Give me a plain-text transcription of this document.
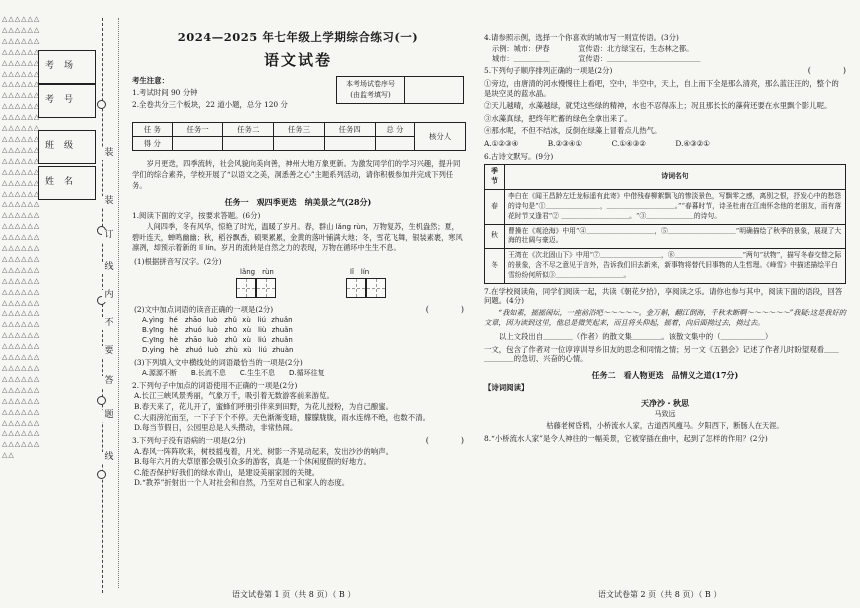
△△△△△△△△△△△△△△△△△△△△△△△△△△△△△△△△△△△△△△△△△△△△△△△△△△△△△△△△△△△△△△△△△△△△△△△△△△△△△△△△△△△△△△△△△△△△△△△△△△△△△△△△△△△△△△△△△△△△△△△△△△△△△△△△△△△△△△△△△△△△△△△△△△△△△△△△△△△△△△△△△△△△△△△△△△△△△△△△△△△△△△△△△△△△△△△△△△△△△△△△△△△△△△△△△△△△△△△△△△△△△△△△△△△△△△△△△△△△△△△△△△
考场
考号
班级
姓名
装
装
订
线
内
不
要
答
题
线
2024—2025 年七年级上学期综合练习(一)
语文试卷

考生注意：

1.考试时间 90 分钟

2.全卷共分三个板块，22 道小题，总分 120 分

本考场试卷序号
(由监考填写)
任 务	任务一	任务二	任务三	任务四	总 分	核分人
得 分						
岁月更迭，四季流转，社会风貌向美向善，神州大地万象更新。为激发同学们的学习兴趣，提升同学们的综合素养，学校开展了“以语文之美，洞悉善之心”主题系列活动，请你积极参加并完成下列任务。
任务一　观四季更迭　纳美景之气(28分)
1.阅读下面的文字，按要求答题。(6分)
人间四季，冬有风华，惊艳了时光，温暖了岁月。春，群山 lǎng rùn，万物复苏，生机盎然；夏，碧叶连天，蝉鸣幽幽；秋，稻谷飘香，硕果累累，金黄的落叶铺满大地；冬，雪花飞舞，银装素裹，寒风凛冽，却预示着新的 lǐ lín。岁月的流转是自然之力的表现，万物在循环中生生不息。
(1)根据拼音写汉字。(2分)
lǎng　rùn	lǐ　lín
(2)文中加点词语的读音正确的一项是(2分)	(　　　　)
A.yìng hé　zhāo luò　zhǔ xù　liú zhuǎn
B.yīng hè　zhuó luò　zhū xù　liù zhuǎn
C.yīng hè　zhāo luò　zhǔ xù　liú zhuǎn
D.yìng hè　zhuó luò　zhù xù　liú zhuàn
(3)下列填入文中横线处的词语最恰当的一项是(2分)
A.源源不断　　B.长流不息　　C.生生不息　　D.循环往复
2.下列句子中加点的词语使用不正确的一项是(2分)
A.长江三峡风景秀丽，气象万千，吸引着无数游客前来游览。
B.春天来了，花儿开了，蜜蜂们呼朋引伴来到田野，为花儿授粉，为自己酿蜜。
C.大雨滂沱而至，一下子下个不停。天色渐渐变暗，朦朦胧胧，雨水连绵不绝，也数不清。
D.每当节假日，公园里总是人头攒动，非常热闹。
3.下列句子没有语病的一项是(2分)	(　　　　)
A.春风一阵阵吹来，树枝摇曳着，月光、树影一齐晃动起来，发出沙沙的响声。
B.每年六月的大草原都会吸引众多的游客，真是一个休闲度假的好地方。
C.能否保护好我们的绿水青山，是建设美丽家园的关键。
D.“教养”折射出一个人对社会和自然，乃至对自己和家人的态度。
语文试卷第 1 页（共 8 页）（ B ）
4.请参照示例，选择一个你喜欢的城市写一则宣传语。(3分)
示例：城市：伊春　　　　宣传语：北方绿宝石，生态林之都。
城市：＿＿＿＿＿　　　　宣传语：＿＿＿＿＿＿＿＿＿＿＿＿＿
5.下列句子顺序排列正确的一项是(2分)	(　　　　)
①旁边，由唐清的河水慢慢往上看吧，空中，半空中，天上，自上而下全是那么清亮，那么蓝汪汪的，整个的是块空灵的蓝水晶。
②天儿越晴，水藻越绿，就凭这些绿的精神，水也不忍得冻上；况且那长长的藻荷还要在水里飘个影儿呢。
③水藻真绿，把终年贮蓄的绿色全拿出来了。
④那水呢，不但不结冰，反倒在绿藻上冒着点儿热气。
A.①②③④　　　　B.②③④①　　　　C.①④③②　　　　D.④③②①
6.古诗文默写。(9分)
季节	诗词名句
春	李白在《闻王昌龄左迁龙标遥有此寄》中借残春柳絮飘飞的惨淡景色，写飘零之感，离别之恨，抒发心中的愁怨的诗句是“①＿＿＿＿＿＿＿＿，＿＿＿＿＿＿＿＿＿＿。”“春暮时节，诗圣杜甫在江南怀念他的老朋友，而有落花时节又逢君”② ＿＿＿＿＿＿＿＿＿＿。“③＿＿＿＿＿＿＿的诗句。
秋	曹操在《观沧海》中用“④＿＿＿＿＿＿＿＿＿＿，⑤＿＿＿＿＿＿＿＿＿＿”明确描绘了秋季的景象，展现了大海的壮阔与豪迈。
冬	王湾在《次北固山下》中用“⑦＿＿＿＿＿＿＿＿＿，⑧＿＿＿＿＿＿＿＿＿＿”两句“状物”，描写冬春交替之际的景象，含不尽之意见于言外，告诉我们旧去新来，新事物将替代旧事物的人生哲理。《峰雪》中描述描绘平白雪纷纷何所似③＿＿＿＿＿＿＿＿＿＿。
7.在学校阅读角，同学们阅读一起，共读《朝花夕拾》，享阅读之乐。请你也参与其中，阅读下面的语段，回答问题。(4分)
“我如素，摇摇闹坛，一座前浴吧～～～～～。金万斛，翻江倒海，千秋未断啊～～～～～～”我疑:这是我好的文章，因为读到这里，他总是微笑起来，而且将头仰起，摇着，向后面拗过去，拗过去。
以上文段出自＿＿＿＿（作者）的散文集＿＿＿＿。该散文集中的（＿＿＿＿＿＿）
一文，包含了作者对一位谆谆训导乡旧友的思念和同情之情；另一文《五猖会》记述了作者儿时盼望观看＿＿＿＿＿＿的急切、兴奋的心情。
任务二　看人物更迭　品情义之道(17分)
【诗词阅读】
天净沙・秋思
马致远
枯藤老树昏鸦，小桥流水人家，古道西风瘦马。夕阳西下，断肠人在天涯。
8.“小桥流水人家”是令人神往的一幅美景，它被穿插在曲中，起到了怎样的作用？(2分)
语文试卷第 2 页（共 8 页）（ B ）
